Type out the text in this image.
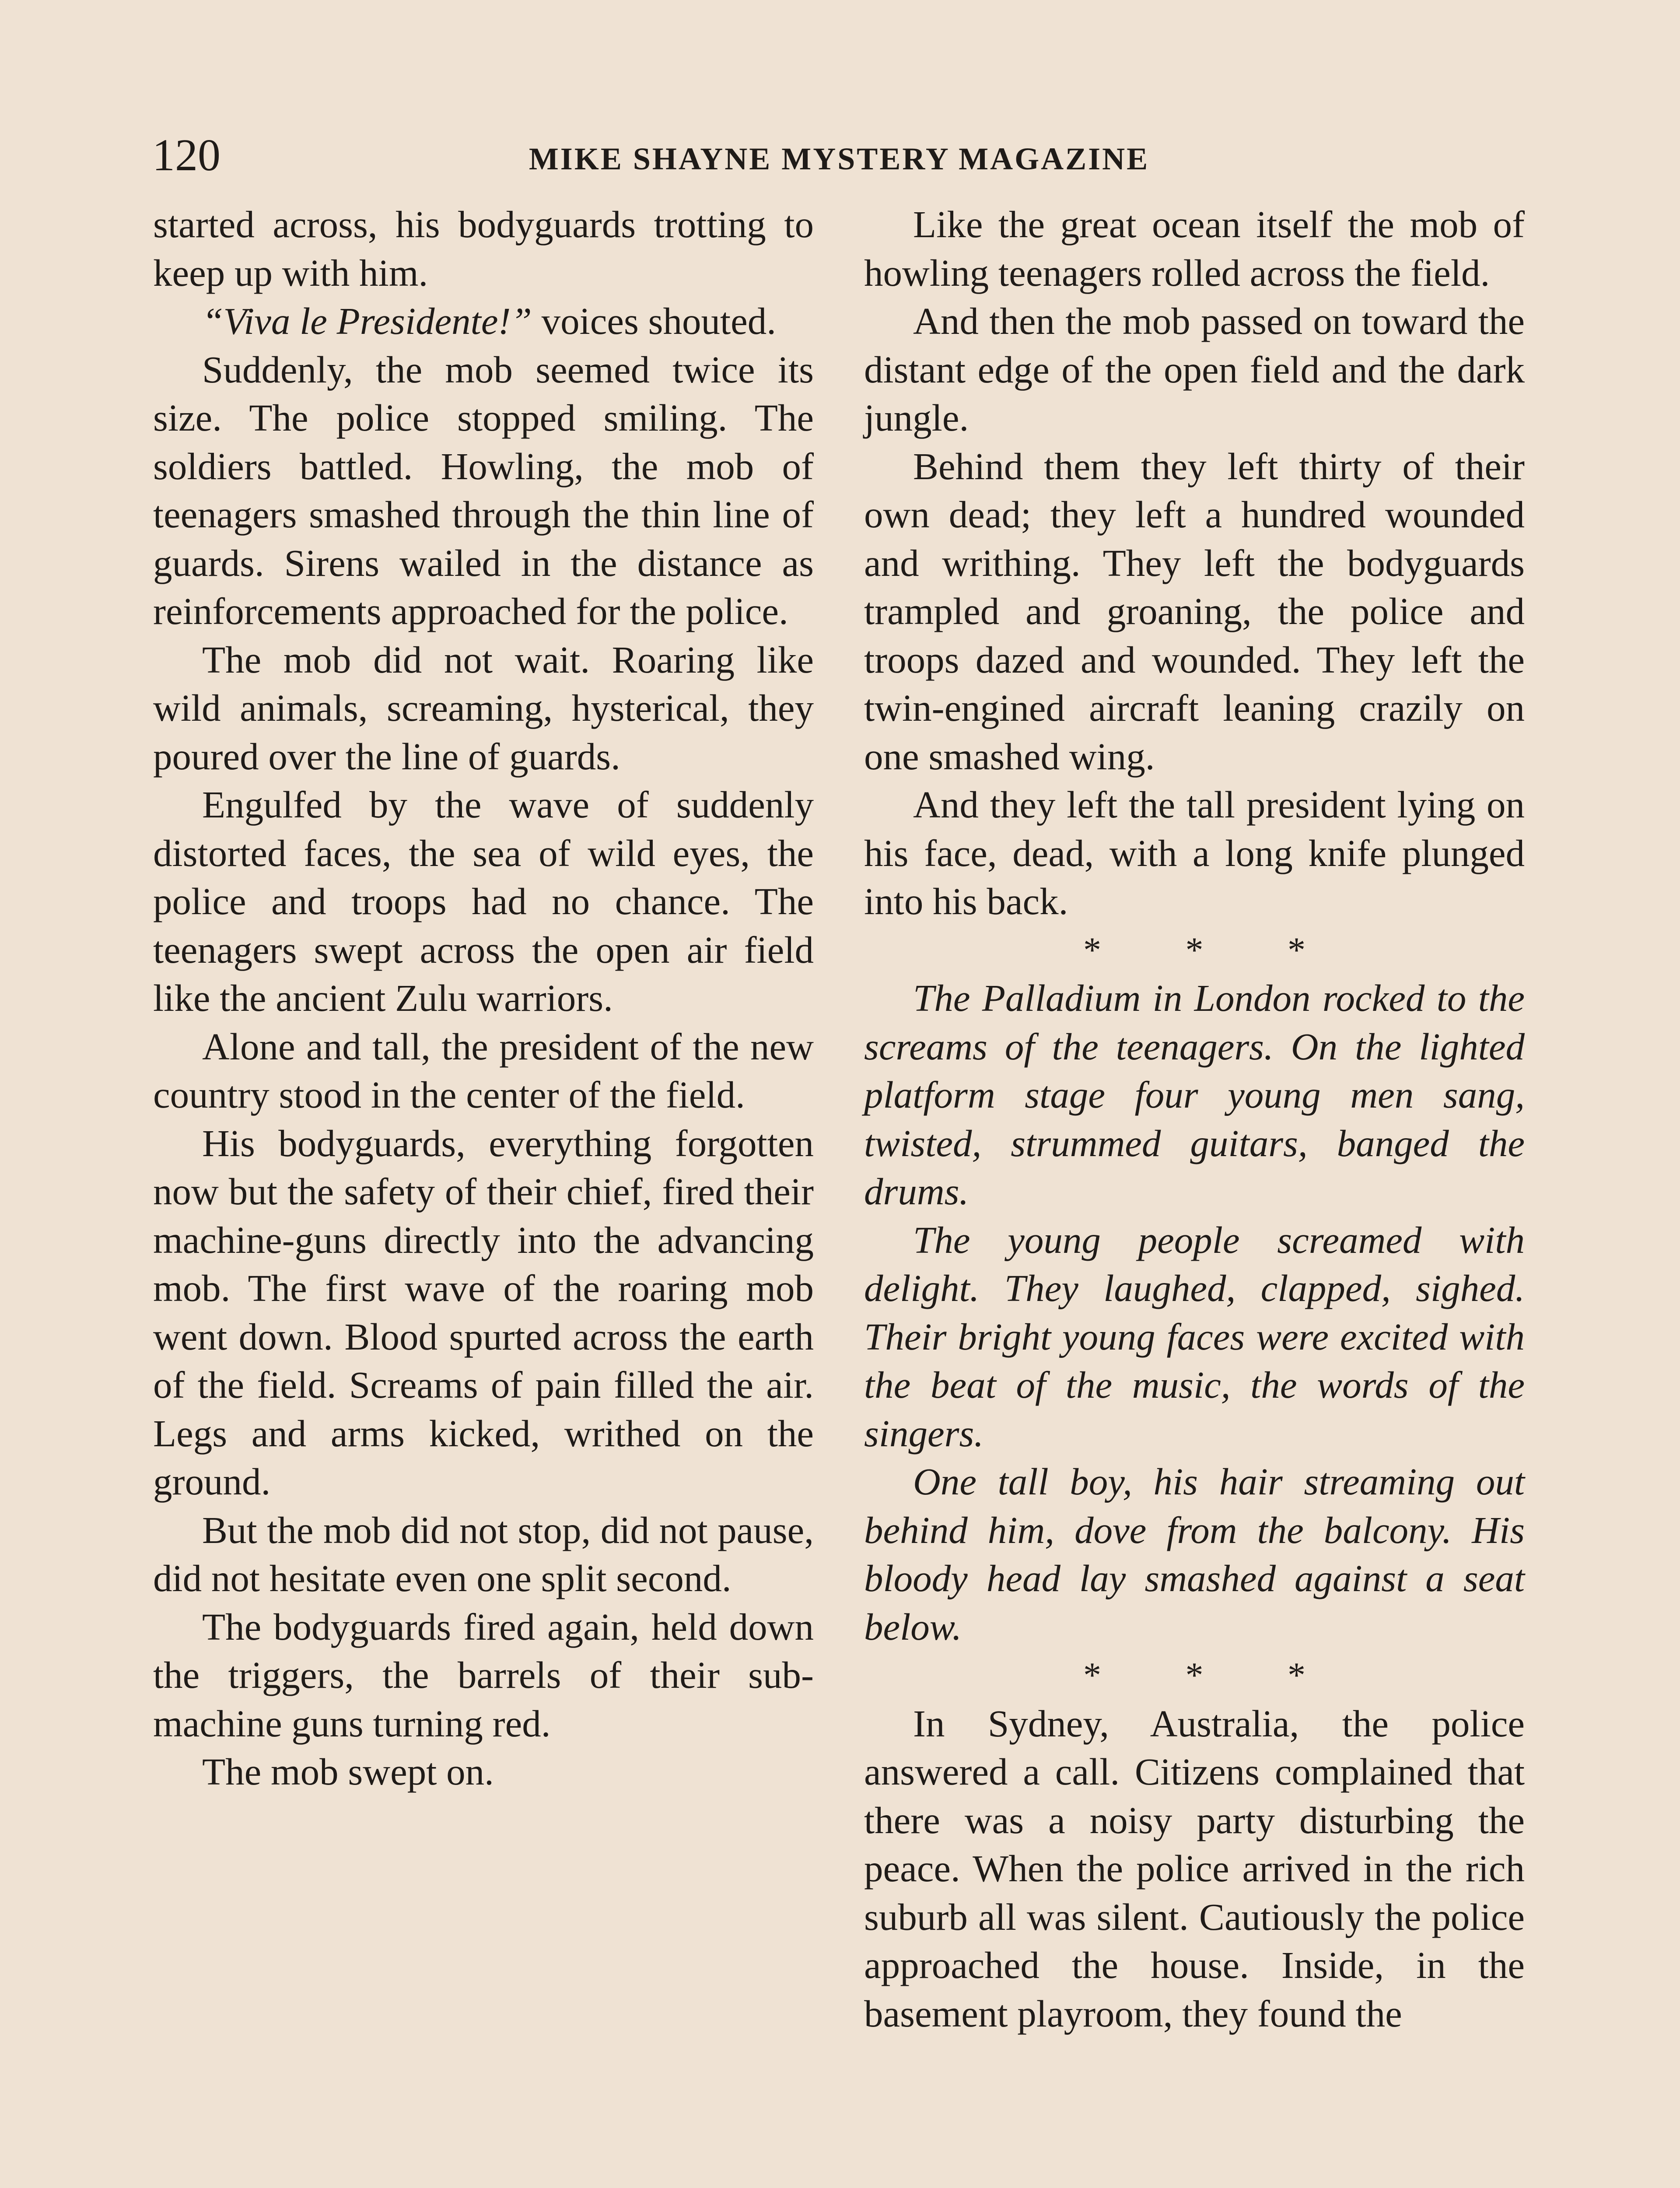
120	MIKE SHAYNE MYSTERY MAGAZINE

started across, his bodyguards trotting to keep up with him.

“Viva le Presidente!” voices shouted.

Suddenly, the mob seemed twice its size. The police stopped smiling. The soldiers battled. Howling, the mob of teenagers smashed through the thin line of guards. Sirens wailed in the distance as reinforcements approached for the police.

The mob did not wait. Roaring like wild animals, screaming, hysterical, they poured over the line of guards.

Engulfed by the wave of suddenly distorted faces, the sea of wild eyes, the police and troops had no chance. The teenagers swept across the open air field like the ancient Zulu warriors.

Alone and tall, the president of the new country stood in the center of the field.

His bodyguards, everything forgotten now but the safety of their chief, fired their machine-guns directly into the advancing mob. The first wave of the roaring mob went down. Blood spurted across the earth of the field. Screams of pain filled the air. Legs and arms kicked, writhed on the ground.

But the mob did not stop, did not pause, did not hesitate even one split second.

The bodyguards fired again, held down the triggers, the barrels of their sub-machine guns turning red.

The mob swept on.

Like the great ocean itself the mob of howling teenagers rolled across the field.

And then the mob passed on toward the distant edge of the open field and the dark jungle.

Behind them they left thirty of their own dead; they left a hundred wounded and writhing. They left the bodyguards trampled and groaning, the police and troops dazed and wounded. They left the twin-engined aircraft leaning crazily on one smashed wing.

And they left the tall president lying on his face, dead, with a long knife plunged into his back.

* * *

The Palladium in London rocked to the screams of the teenagers. On the lighted platform stage four young men sang, twisted, strummed guitars, banged the drums.

The young people screamed with delight. They laughed, clapped, sighed. Their bright young faces were excited with the beat of the music, the words of the singers.

One tall boy, his hair streaming out behind him, dove from the balcony. His bloody head lay smashed against a seat below.

* * *

In Sydney, Australia, the police answered a call. Citizens complained that there was a noisy party disturbing the peace. When the police arrived in the rich suburb all was silent. Cautiously the police approached the house. Inside, in the basement playroom, they found the
